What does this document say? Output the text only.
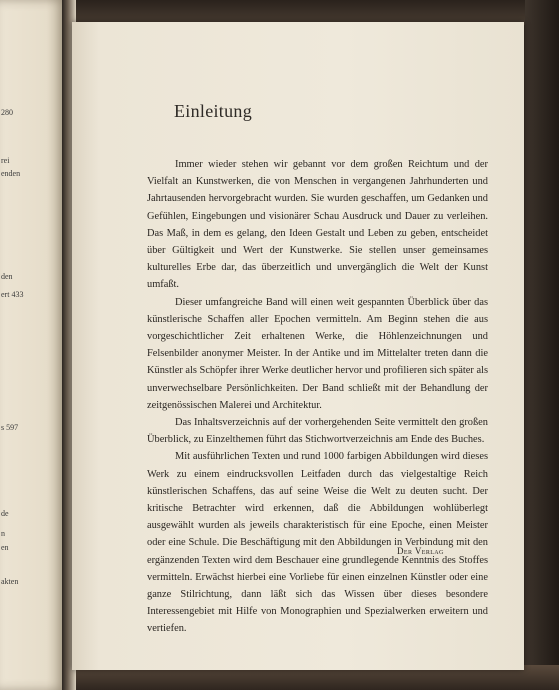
280
rei
enden
den
ert 433
s 597
de
n
en
akten
Einleitung

Immer wieder stehen wir gebannt vor dem großen Reichtum und der Vielfalt an Kunstwerken, die von Menschen in vergangenen Jahrhunderten und Jahrtausenden hervorgebracht wurden. Sie wurden geschaffen, um Gedanken und Gefühlen, Eingebungen und visionärer Schau Ausdruck und Dauer zu verleihen. Das Maß, in dem es gelang, den Ideen Gestalt und Leben zu geben, entscheidet über Gültigkeit und Wert der Kunstwerke. Sie stellen unser gemeinsames kulturelles Erbe dar, das überzeitlich und unvergänglich die Welt der Kunst umfaßt.

Dieser umfangreiche Band will einen weit gespannten Überblick über das künstlerische Schaffen aller Epochen vermitteln. Am Beginn stehen die aus vorgeschichtlicher Zeit erhaltenen Werke, die Höhlenzeichnungen und Felsenbilder anonymer Meister. In der Antike und im Mittelalter treten dann die Künstler als Schöpfer ihrer Werke deutlicher hervor und profilieren sich später als unverwechselbare Persönlichkeiten. Der Band schließt mit der Behandlung der zeitgenössischen Malerei und Architektur.

Das Inhaltsverzeichnis auf der vorhergehenden Seite vermittelt den großen Überblick, zu Einzelthemen führt das Stichwortverzeichnis am Ende des Buches.

Mit ausführlichen Texten und rund 1000 farbigen Abbildungen wird dieses Werk zu einem eindrucksvollen Leitfaden durch das vielgestaltige Reich künstlerischen Schaffens, das auf seine Weise die Welt zu deuten sucht. Der kritische Betrachter wird erkennen, daß die Abbildungen wohlüberlegt ausgewählt wurden als jeweils charakteristisch für eine Epoche, einen Meister oder eine Schule. Die Beschäftigung mit den Abbildungen in Verbindung mit den ergänzenden Texten wird dem Beschauer eine grundlegende Kenntnis des Stoffes vermitteln. Erwächst hierbei eine Vorliebe für einen einzelnen Künstler oder eine ganze Stilrichtung, dann läßt sich das Wissen über dieses besondere Interessengebiet mit Hilfe von Monographien und Spezialwerken erweitern und vertiefen.

Der Verlag
